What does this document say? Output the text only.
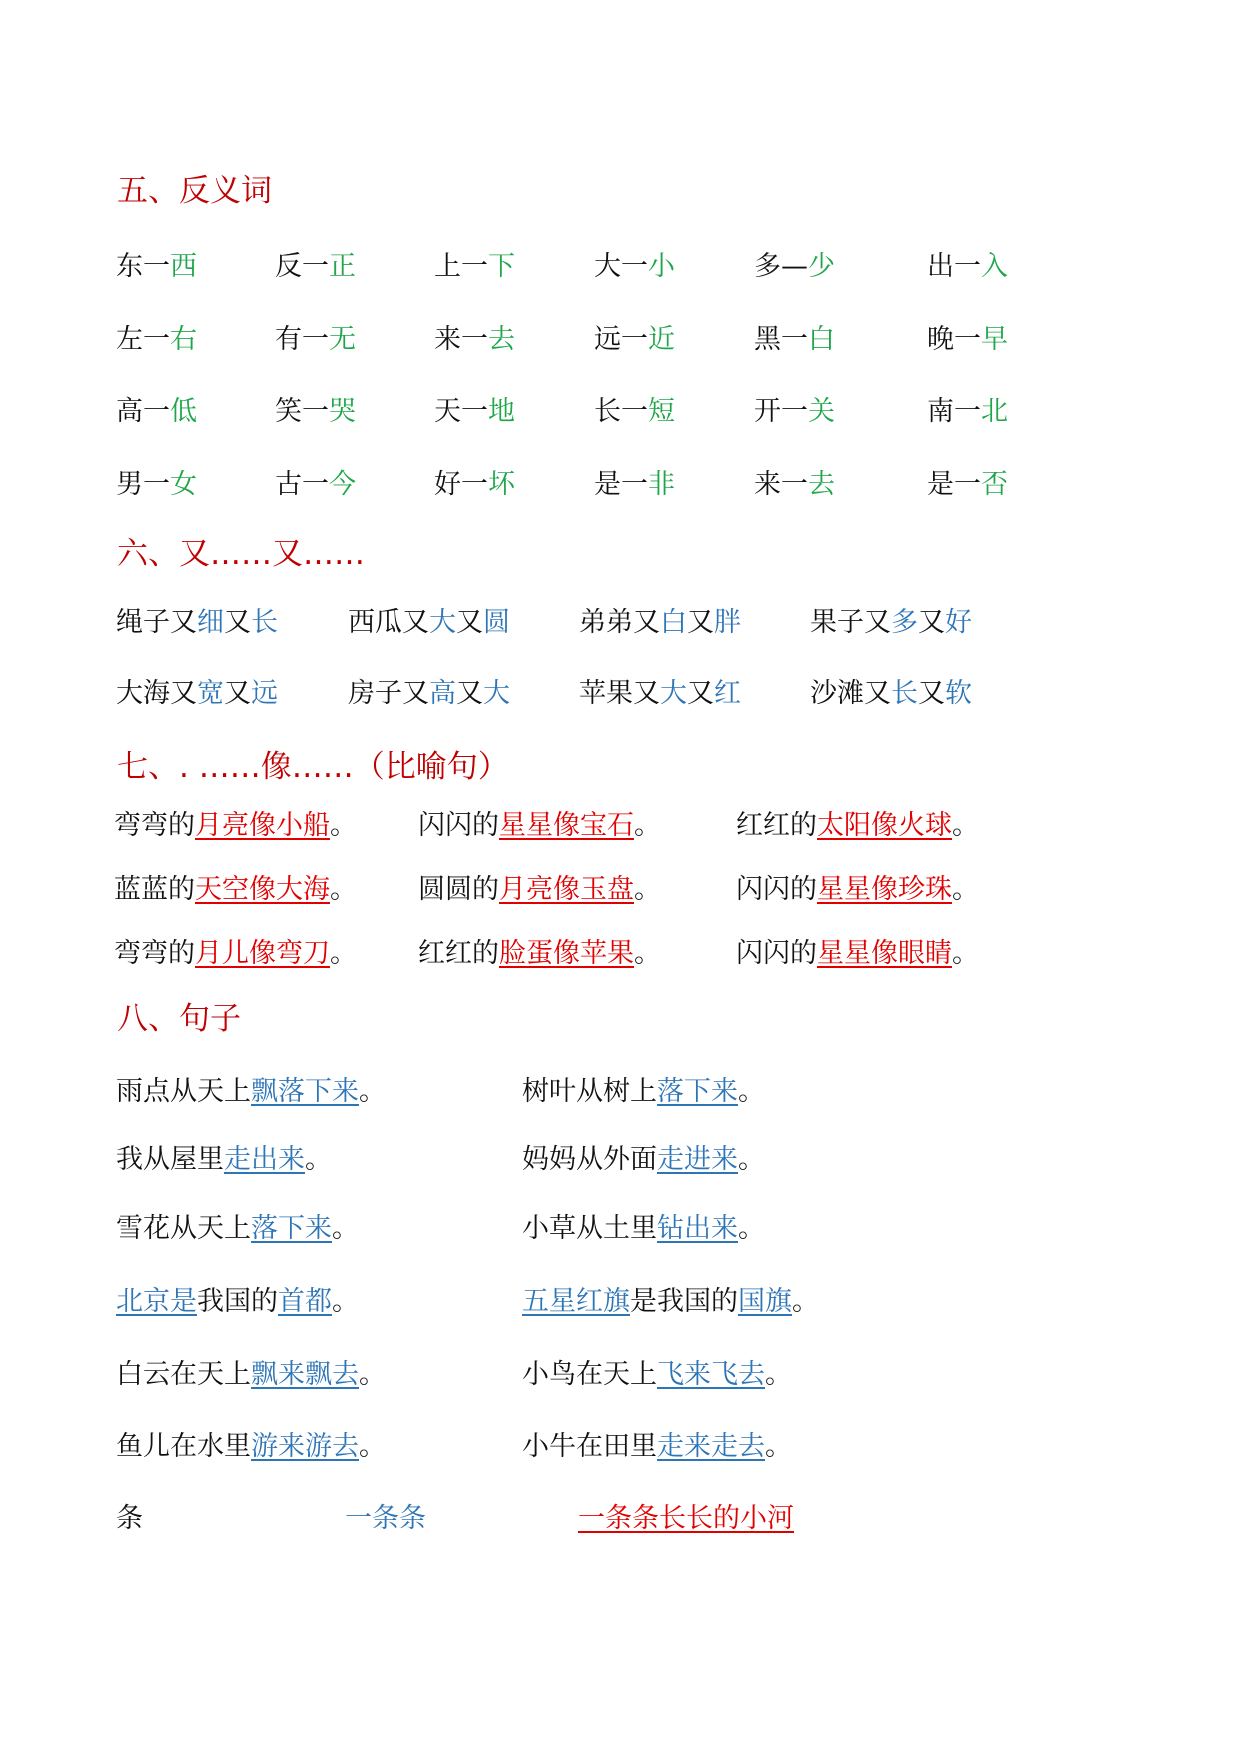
五、反义词
东一西	反一正	上一下	大一小	多—少	出一入
左一右	有一无	来一去	远一近	黑一白	晚一早
高一低	笑一哭	天一地	长一短	开一关	南一北
男一女	古一今	好一坏	是一非	来一去	是一否
六、又……又……
绳子又细又长	西瓜又大又圆	弟弟又白又胖	果子又多又好
大海又宽又远	房子又高又大	苹果又大又红	沙滩又长又软
七、. ……像……（比喻句）
弯弯的月亮像小船。 闪闪的星星像宝石。	红红的太阳像火球。
蓝蓝的天空像大海。 圆圆的月亮像玉盘。	闪闪的星星像珍珠。
弯弯的月儿像弯刀。 红红的脸蛋像苹果。	闪闪的星星像眼睛。
八、句子
雨点从天上飘落下来。	树叶从树上落下来。
我从屋里走出来。	妈妈从外面走进来。
雪花从天上落下来。	小草从土里钻出来。
白云在天上飘来飘去。	小鸟在天上飞来飞去。
鱼儿在水里游来游去。	小牛在田里走来走去。
北京是我国的首都。	五星红旗是我国的国旗。
条	一条条	一条条长长的小河
